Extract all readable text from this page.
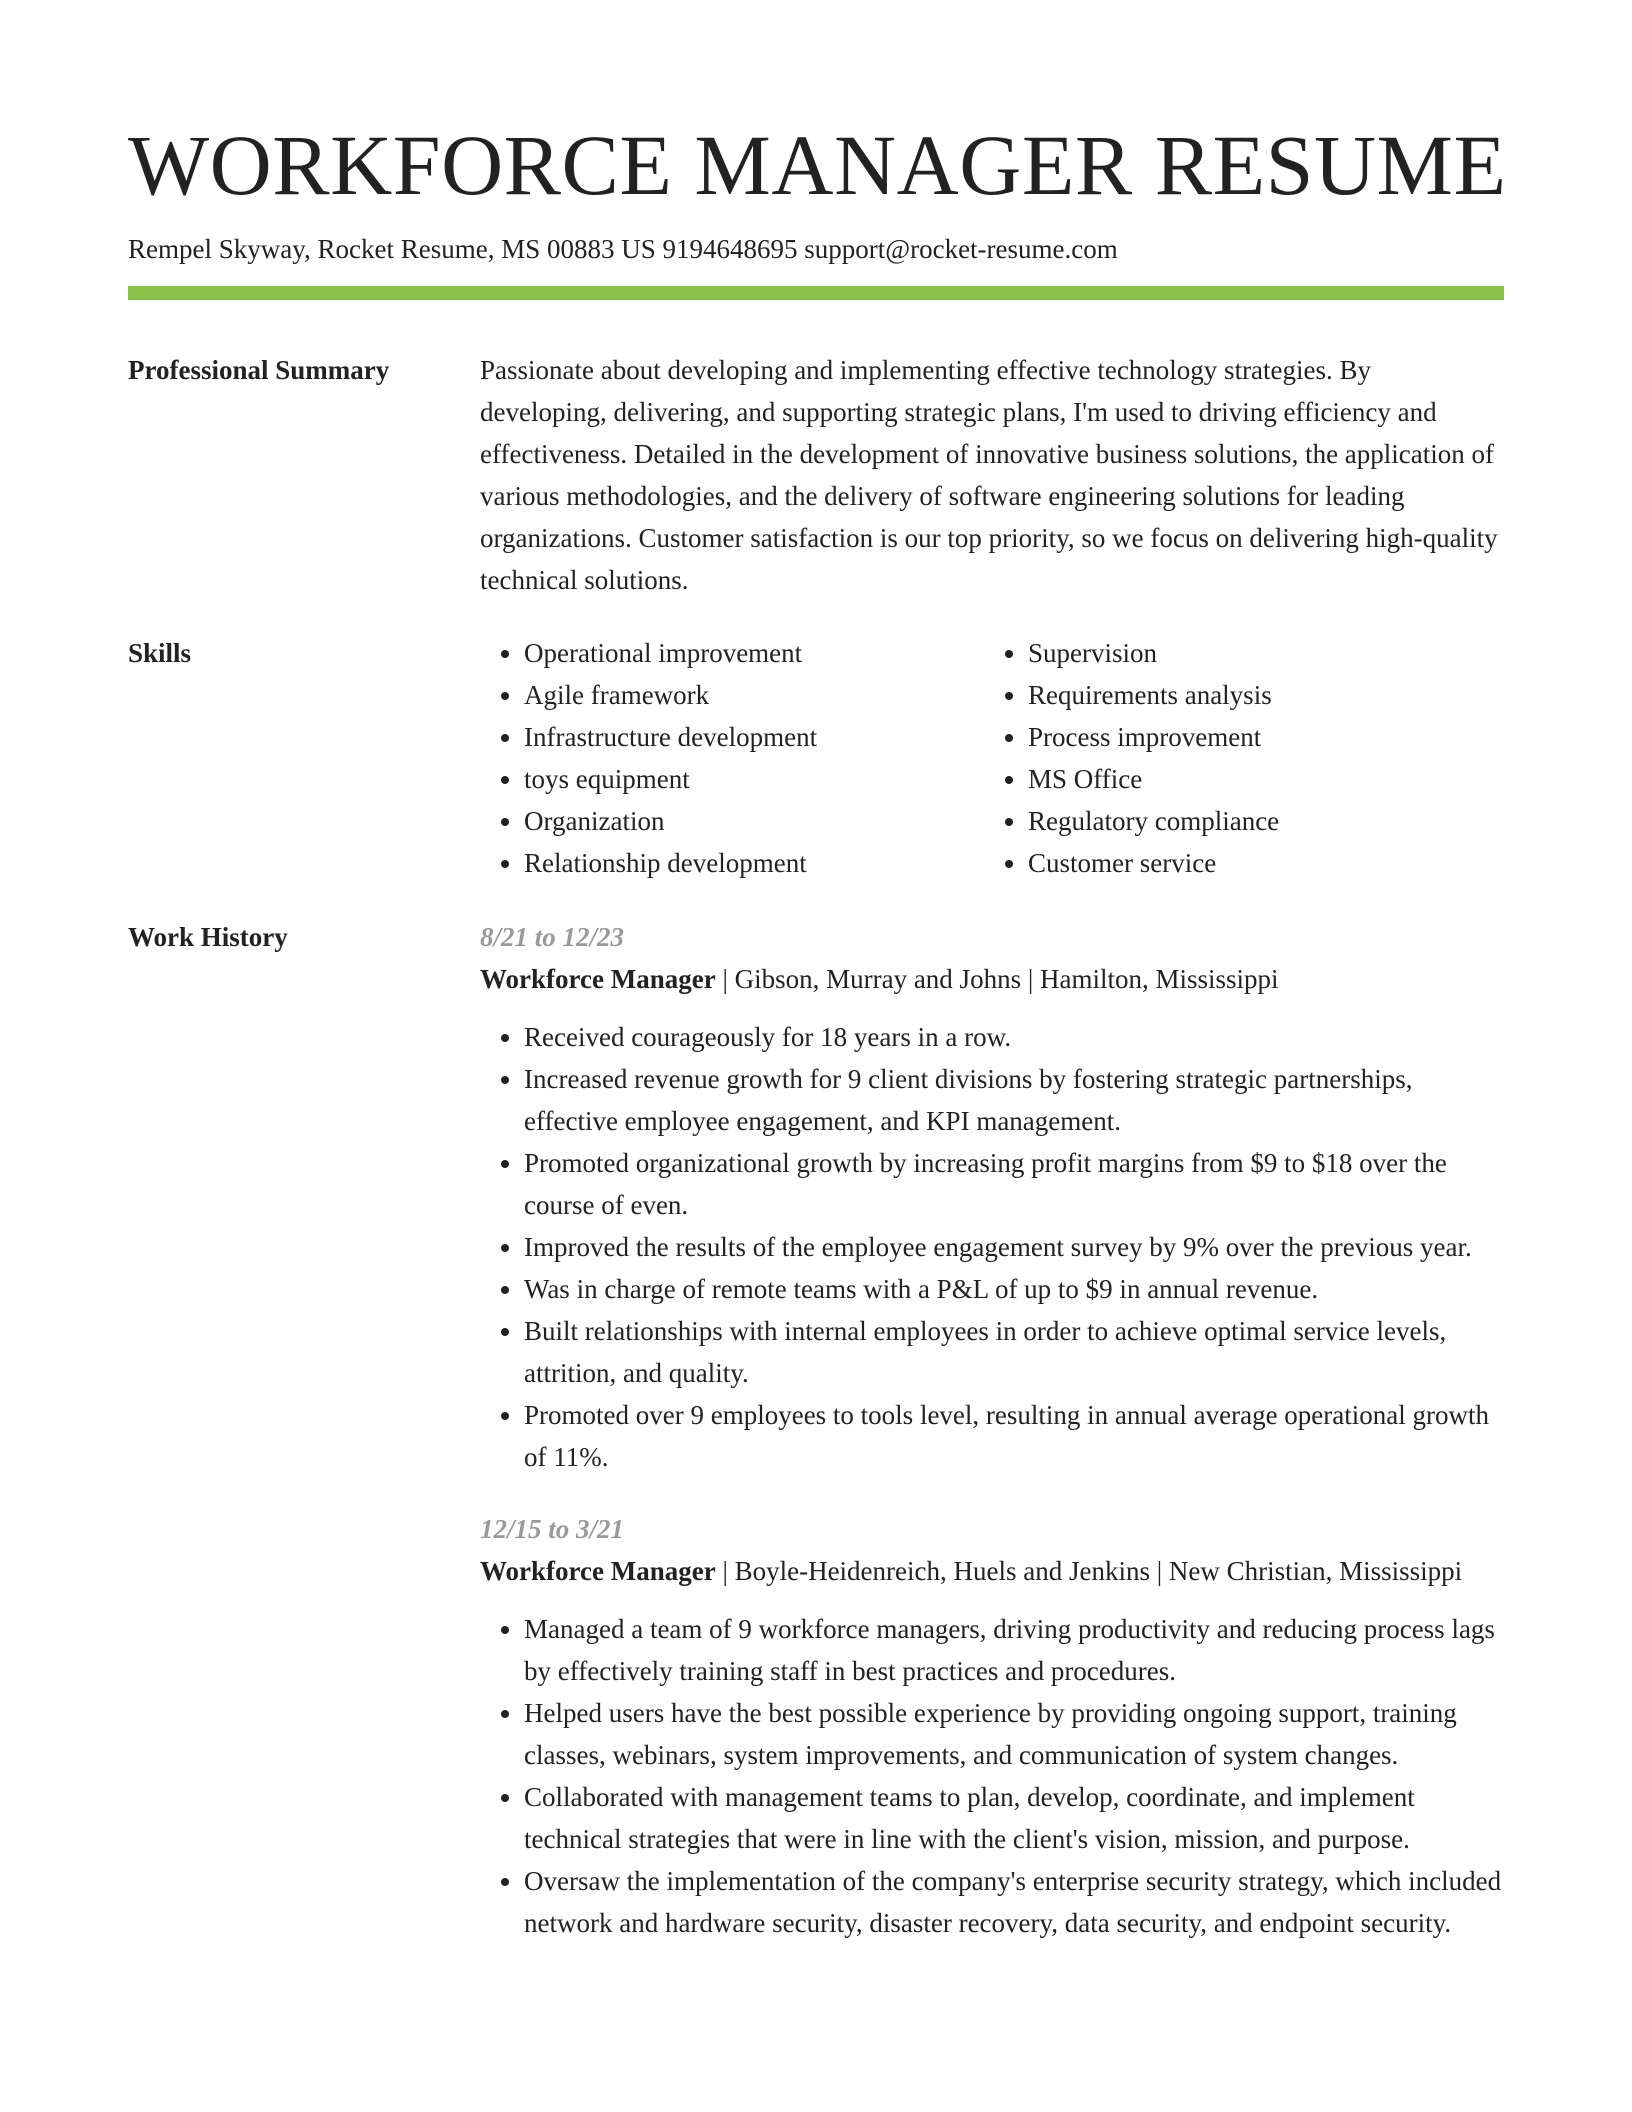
WORKFORCE MANAGER RESUME
Rempel Skyway, Rocket Resume, MS 00883 US 9194648695 support@rocket-resume.com
Professional Summary	Passionate about developing and implementing effective technology strategies. By developing, delivering, and supporting strategic plans, I'm used to driving efficiency and effectiveness. Detailed in the development of innovative business solutions, the application of various methodologies, and the delivery of software engineering solutions for leading organizations. Customer satisfaction is our top priority, so we focus on delivering high-quality technical solutions.

Skills
•	Operational improvement
• Agile framework
• Infrastructure development
• toys equipment
• Organization
• Relationship development
• Supervision
• Requirements analysis
• Process improvement
• MS Office
• Regulatory compliance
• Customer service
Work History	8/21 to 12/23
Workforce Manager | Gibson, Murray and Johns | Hamilton, Mississippi
• Received courageously for 18 years in a row.
• Increased revenue growth for 9 client divisions by fostering strategic partnerships, effective employee engagement, and KPI management.
• Promoted organizational growth by increasing profit margins from $9 to $18 over the course of even.
• Improved the results of the employee engagement survey by 9% over the previous year.
• Was in charge of remote teams with a P&L of up to $9 in annual revenue.
• Built relationships with internal employees in order to achieve optimal service levels, attrition, and quality.
• Promoted over 9 employees to tools level, resulting in annual average operational growth of 11%.
12/15 to 3/21
Workforce Manager | Boyle-Heidenreich, Huels and Jenkins | New Christian, Mississippi
• Managed a team of 9 workforce managers, driving productivity and reducing process lags by effectively training staff in best practices and procedures.
• Helped users have the best possible experience by providing ongoing support, training classes, webinars, system improvements, and communication of system changes.
• Collaborated with management teams to plan, develop, coordinate, and implement technical strategies that were in line with the client's vision, mission, and purpose.
• Oversaw the implementation of the company's enterprise security strategy, which included network and hardware security, disaster recovery, data security, and endpoint security.
